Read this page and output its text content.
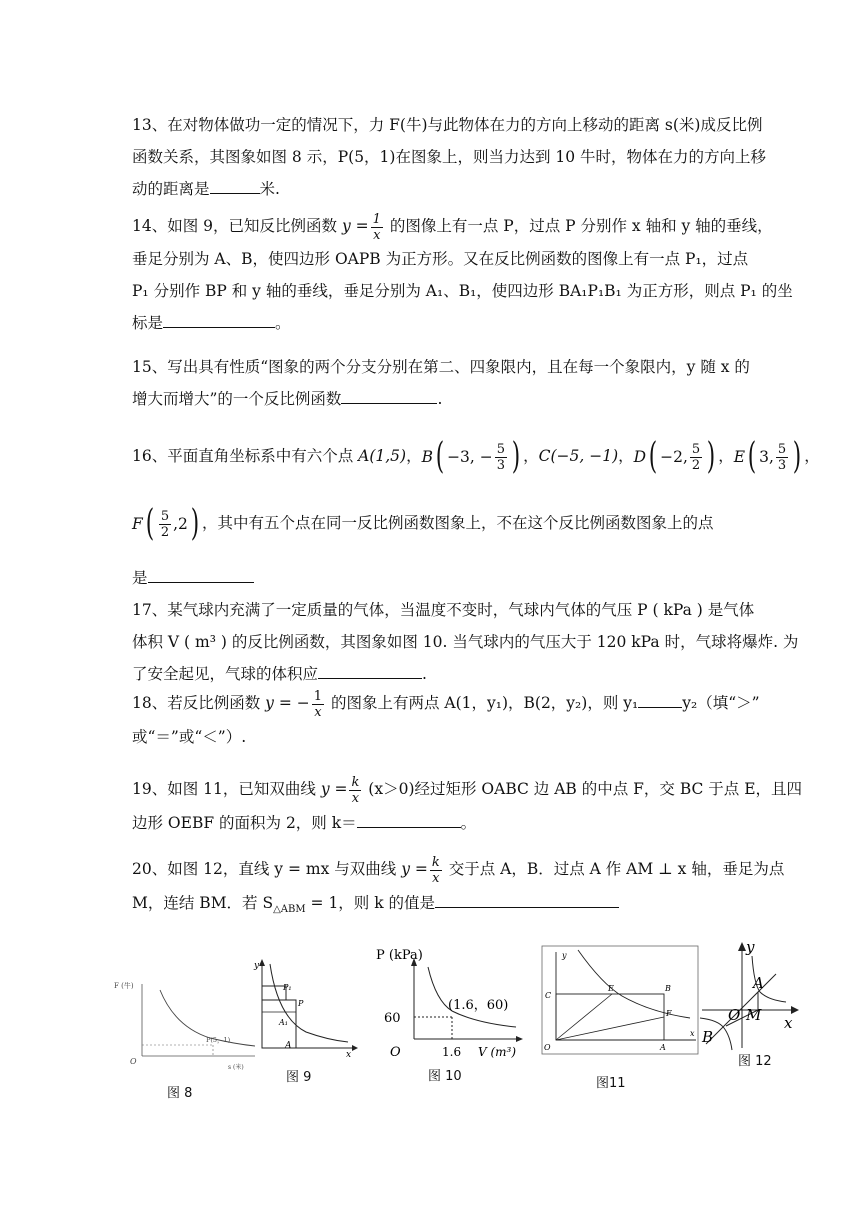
13、在对物体做功一定的情况下，力 F(牛)与此物体在力的方向上移动的距离 s(米)成反比例

函数关系，其图象如图 8 示，P(5，1)在图象上，则当力达到 10 牛时，物体在力的方向上移

动的距离是	米.

14、如图 9，已知反比例函数 $y = \frac{1}{x}$ 的图像上有一点 P，过点 P 分别作 x 轴和 y 轴的垂线，

垂足分别为 A、B，使四边形 OAPB 为正方形。又在反比例函数的图像上有一点 P₁，过点

P₁ 分别作 BP 和 y 轴的垂线，垂足分别为 A₁、B₁，使四边形 BA₁P₁B₁ 为正方形，则点 P₁ 的坐

标是	。

15、写出具有性质“图象的两个分支分别在第二、四象限内，且在每一个象限内，y 随 x 的

增大而增大”的一个反比例函数	.

16、平面直角坐标系中有六个点 A(1,5)， B ( −3, − $\frac{5}{3}$ ) ，C(−5, −1)， D ( −2, $\frac{5}{2}$ ) ， E ( 3, $\frac{5}{3}$ ) ，

F ( $\frac{5}{2} ,2$ ) ，其中有五个点在同一反比例函数图象上，不在这个反比例函数图象上的点

是

17、某气球内充满了一定质量的气体，当温度不变时，气球内气体的气压 P ( kPa ) 是气体

体积 V ( m³ ) 的反比例函数，其图象如图 10. 当气球内的气压大于 120 kPa 时，气球将爆炸. 为

了安全起见，气球的体积应	.

18、若反比例函数 y = − $\frac{1}{x}$ 的图象上有两点 A(1，y₁)，B(2，y₂)，则 y₁	y₂（填“＞”

或“＝”或“＜”）.

19、如图 11，已知双曲线 $y = \frac{k}{x} (x>0)$经过矩形 OABC 边 AB 的中点 F，交 BC 于点 E，且四

边形 OEBF 的面积为 2，则 k＝	。

20、如图 12，直线 y = mx 与双曲线 $y = \frac{k}{x}$ 交于点 A，B．过点 A 作 AM ⊥ x 轴，垂足为点

M，连结 BM．若 $S_{\triangle ABM} = 1$，则 k 的值是

F (牛)
s (米)
O
P(5，1)
图 8
y
x
P₁
P
A₁
A
图 9
P (kPa)
V (m³)
O
60
1.6
(1.6，60)
图 10
y
C
E	B
F
x
O	A
图11
y
A
O M x
B
图 12
